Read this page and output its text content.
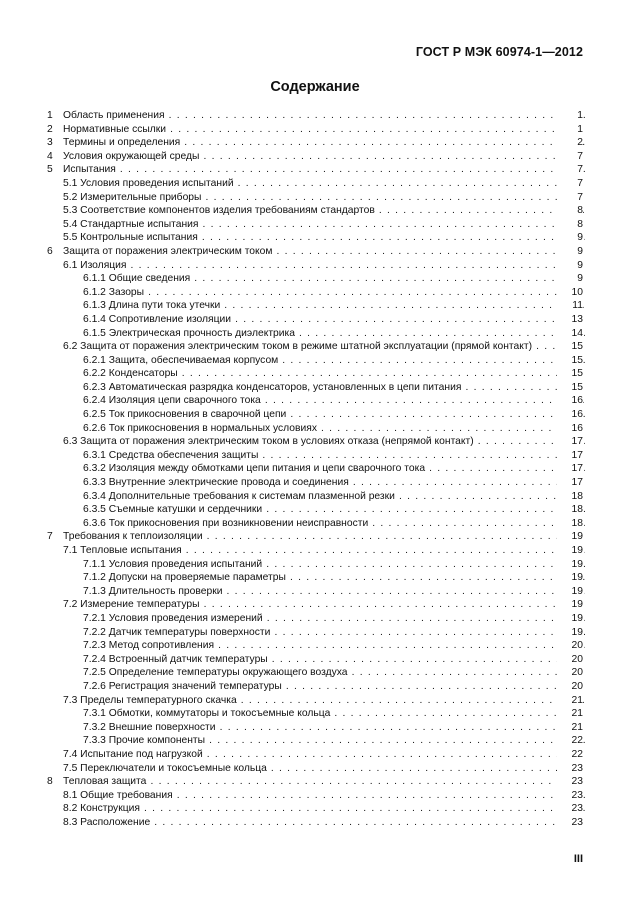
ГОСТ Р МЭК 60974-1—2012
Содержание
1 Область применения . . .	1
2 Нормативные ссылки . . .	1
3 Термины и определения . . .	2
4 Условия окружающей среды . . .	7
5 Испытания . . .	7
5.1 Условия проведения испытаний . . .	7
5.2 Измерительные приборы . . .	7
5.3 Соответствие компонентов изделия требованиям стандартов . . .	8
5.4 Стандартные испытания . . .	8
5.5 Контрольные испытания . . .	9
6 Защита от поражения электрическим током . . .	9
6.1 Изоляция . . .	9
6.1.1 Общие сведения . . .	9
6.1.2 Зазоры . . .	10
6.1.3 Длина пути тока утечки . . .	11
6.1.4 Сопротивление изоляции . . .	13
6.1.5 Электрическая прочность диэлектрика . . .	14
6.2 Защита от поражения электрическим током в режиме штатной эксплуатации (прямой контакт) . . .	15
6.2.1 Защита, обеспечиваемая корпусом . . .	15
6.2.2 Конденсаторы . . .	15
6.2.3 Автоматическая разрядка конденсаторов, установленных в цепи питания . . .	15
6.2.4 Изоляция цепи сварочного тока . . .	16
6.2.5 Ток прикосновения в сварочной цепи . . .	16
6.2.6 Ток прикосновения в нормальных условиях . . .	16
6.3 Защита от поражения электрическим током в условиях отказа (непрямой контакт) . . .	17
6.3.1 Средства обеспечения защиты . . .	17
6.3.2 Изоляция между обмотками цепи питания и цепи сварочного тока . . .	17
6.3.3 Внутренние электрические провода и соединения . . .	17
6.3.4 Дополнительные требования к системам плазменной резки . . .	18
6.3.5 Съемные катушки и сердечники . . .	18
6.3.6 Ток прикосновения при возникновении неисправности . . .	18
7 Требования к теплоизоляции . . .	19
7.1 Тепловые испытания . . .	19
7.1.1 Условия проведения испытаний . . .	19
7.1.2 Допуски на проверяемые параметры . . .	19
7.1.3 Длительность проверки . . .	19
7.2 Измерение температуры . . .	19
7.2.1 Условия проведения измерений . . .	19
7.2.2 Датчик температуры поверхности . . .	19
7.2.3 Метод сопротивления . . .	20
7.2.4 Встроенный датчик температуры . . .	20
7.2.5 Определение температуры окружающего воздуха . . .	20
7.2.6 Регистрация значений температуры . . .	20
7.3 Пределы температурного скачка . . .	21
7.3.1 Обмотки, коммутаторы и токосъемные кольца . . .	21
7.3.2 Внешние поверхности . . .	21
7.3.3 Прочие компоненты . . .	22
7.4 Испытание под нагрузкой . . .	22
7.5 Переключатели и токосъемные кольца . . .	23
8 Тепловая защита . . .	23
8.1 Общие требования . . .	23
8.2 Конструкция . . .	23
8.3 Расположение . . .	23
III
